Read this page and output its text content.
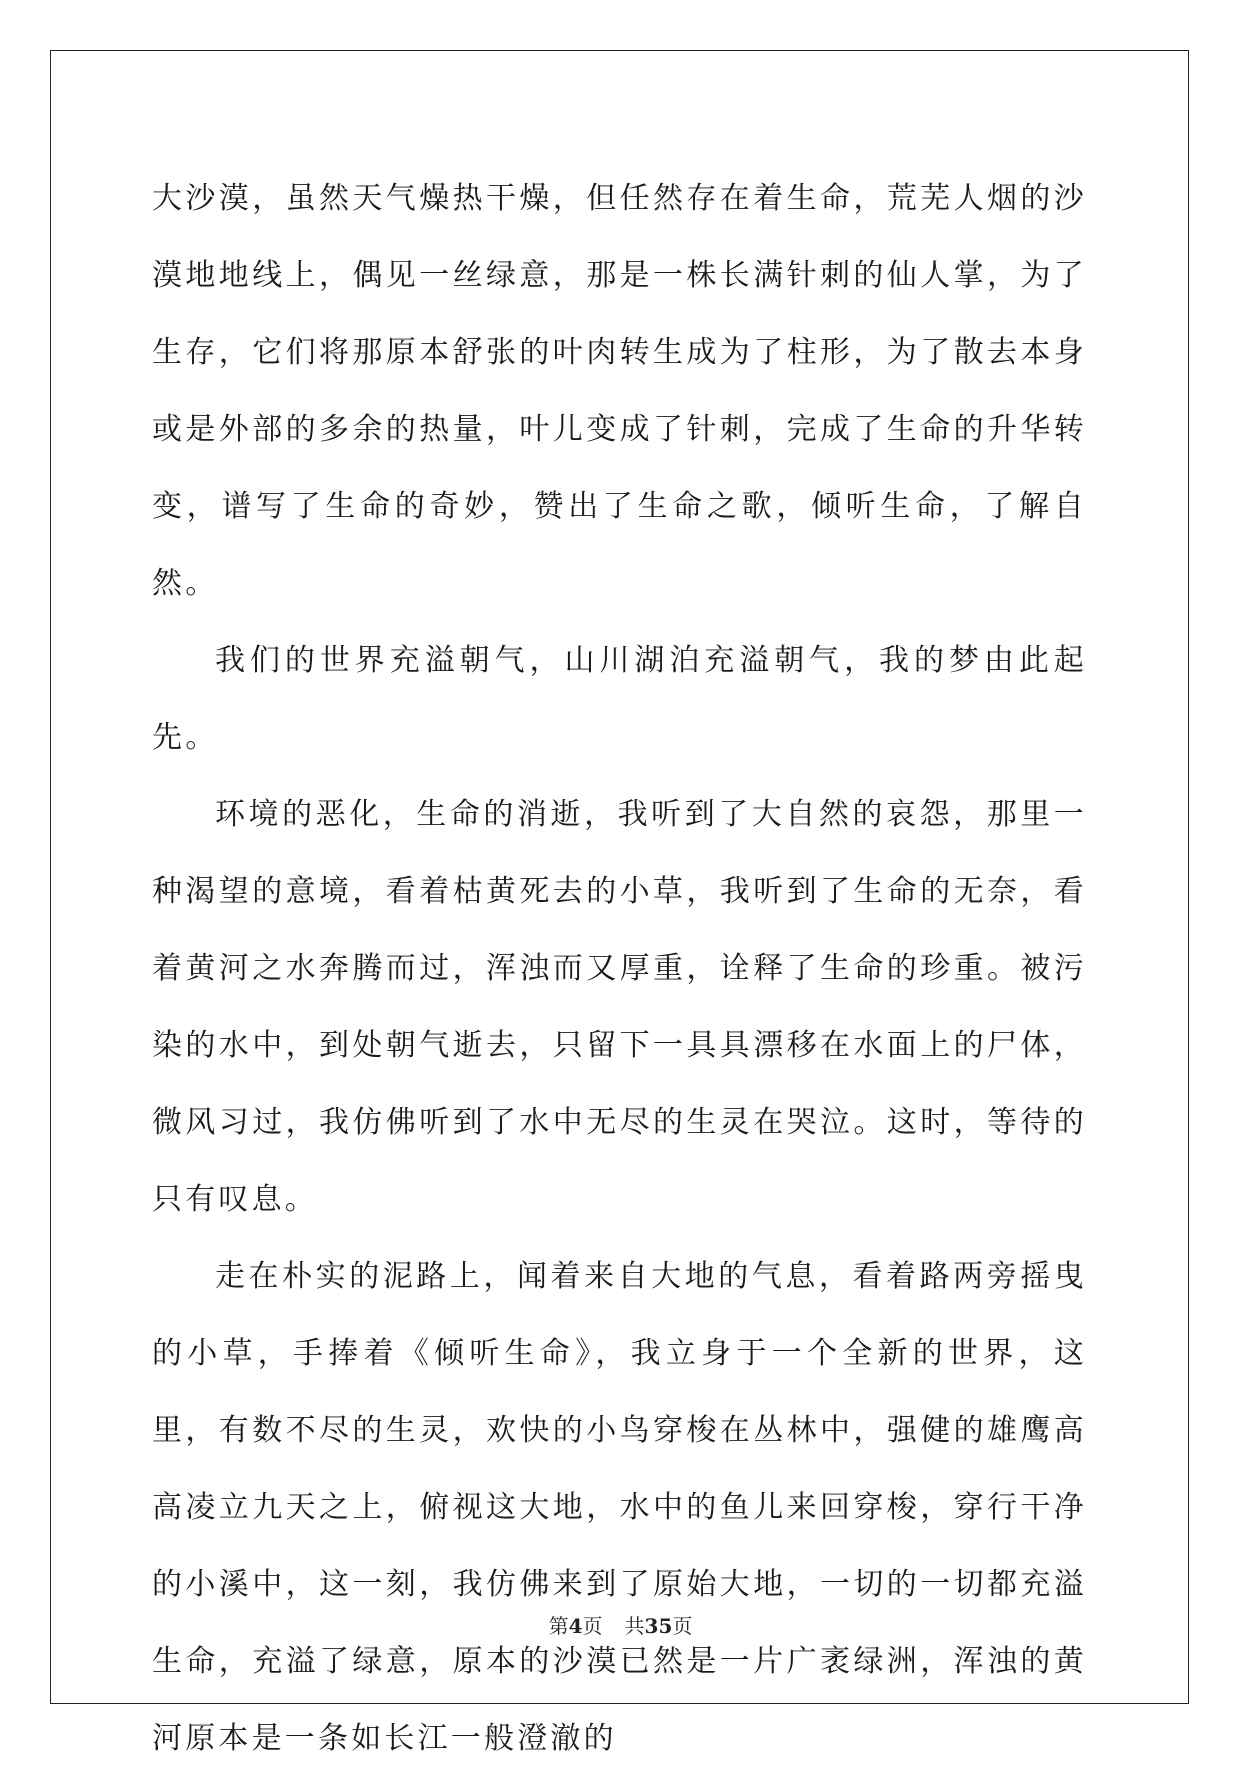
大沙漠，虽然天气燥热干燥，但任然存在着生命，荒芜人烟的沙漠地地线上，偶见一丝绿意，那是一株长满针刺的仙人掌，为了生存，它们将那原本舒张的叶肉转生成为了柱形，为了散去本身或是外部的多余的热量，叶儿变成了针刺，完成了生命的升华转变，谱写了生命的奇妙，赞出了生命之歌，倾听生命，了解自然。

我们的世界充溢朝气，山川湖泊充溢朝气，我的梦由此起先。

环境的恶化，生命的消逝，我听到了大自然的哀怨，那里一种渴望的意境，看着枯黄死去的小草，我听到了生命的无奈，看着黄河之水奔腾而过，浑浊而又厚重，诠释了生命的珍重。被污染的水中，到处朝气逝去，只留下一具具漂移在水面上的尸体，微风习过，我仿佛听到了水中无尽的生灵在哭泣。这时，等待的只有叹息。

走在朴实的泥路上，闻着来自大地的气息，看着路两旁摇曳的小草，手捧着《倾听生命》，我立身于一个全新的世界，这里，有数不尽的生灵，欢快的小鸟穿梭在丛林中，强健的雄鹰高高凌立九天之上，俯视这大地，水中的鱼儿来回穿梭，穿行干净的小溪中，这一刻，我仿佛来到了原始大地，一切的一切都充溢生命，充溢了绿意，原本的沙漠已然是一片广袤绿洲，浑浊的黄河原本是一条如长江一般澄澈的

第4页 共35页
